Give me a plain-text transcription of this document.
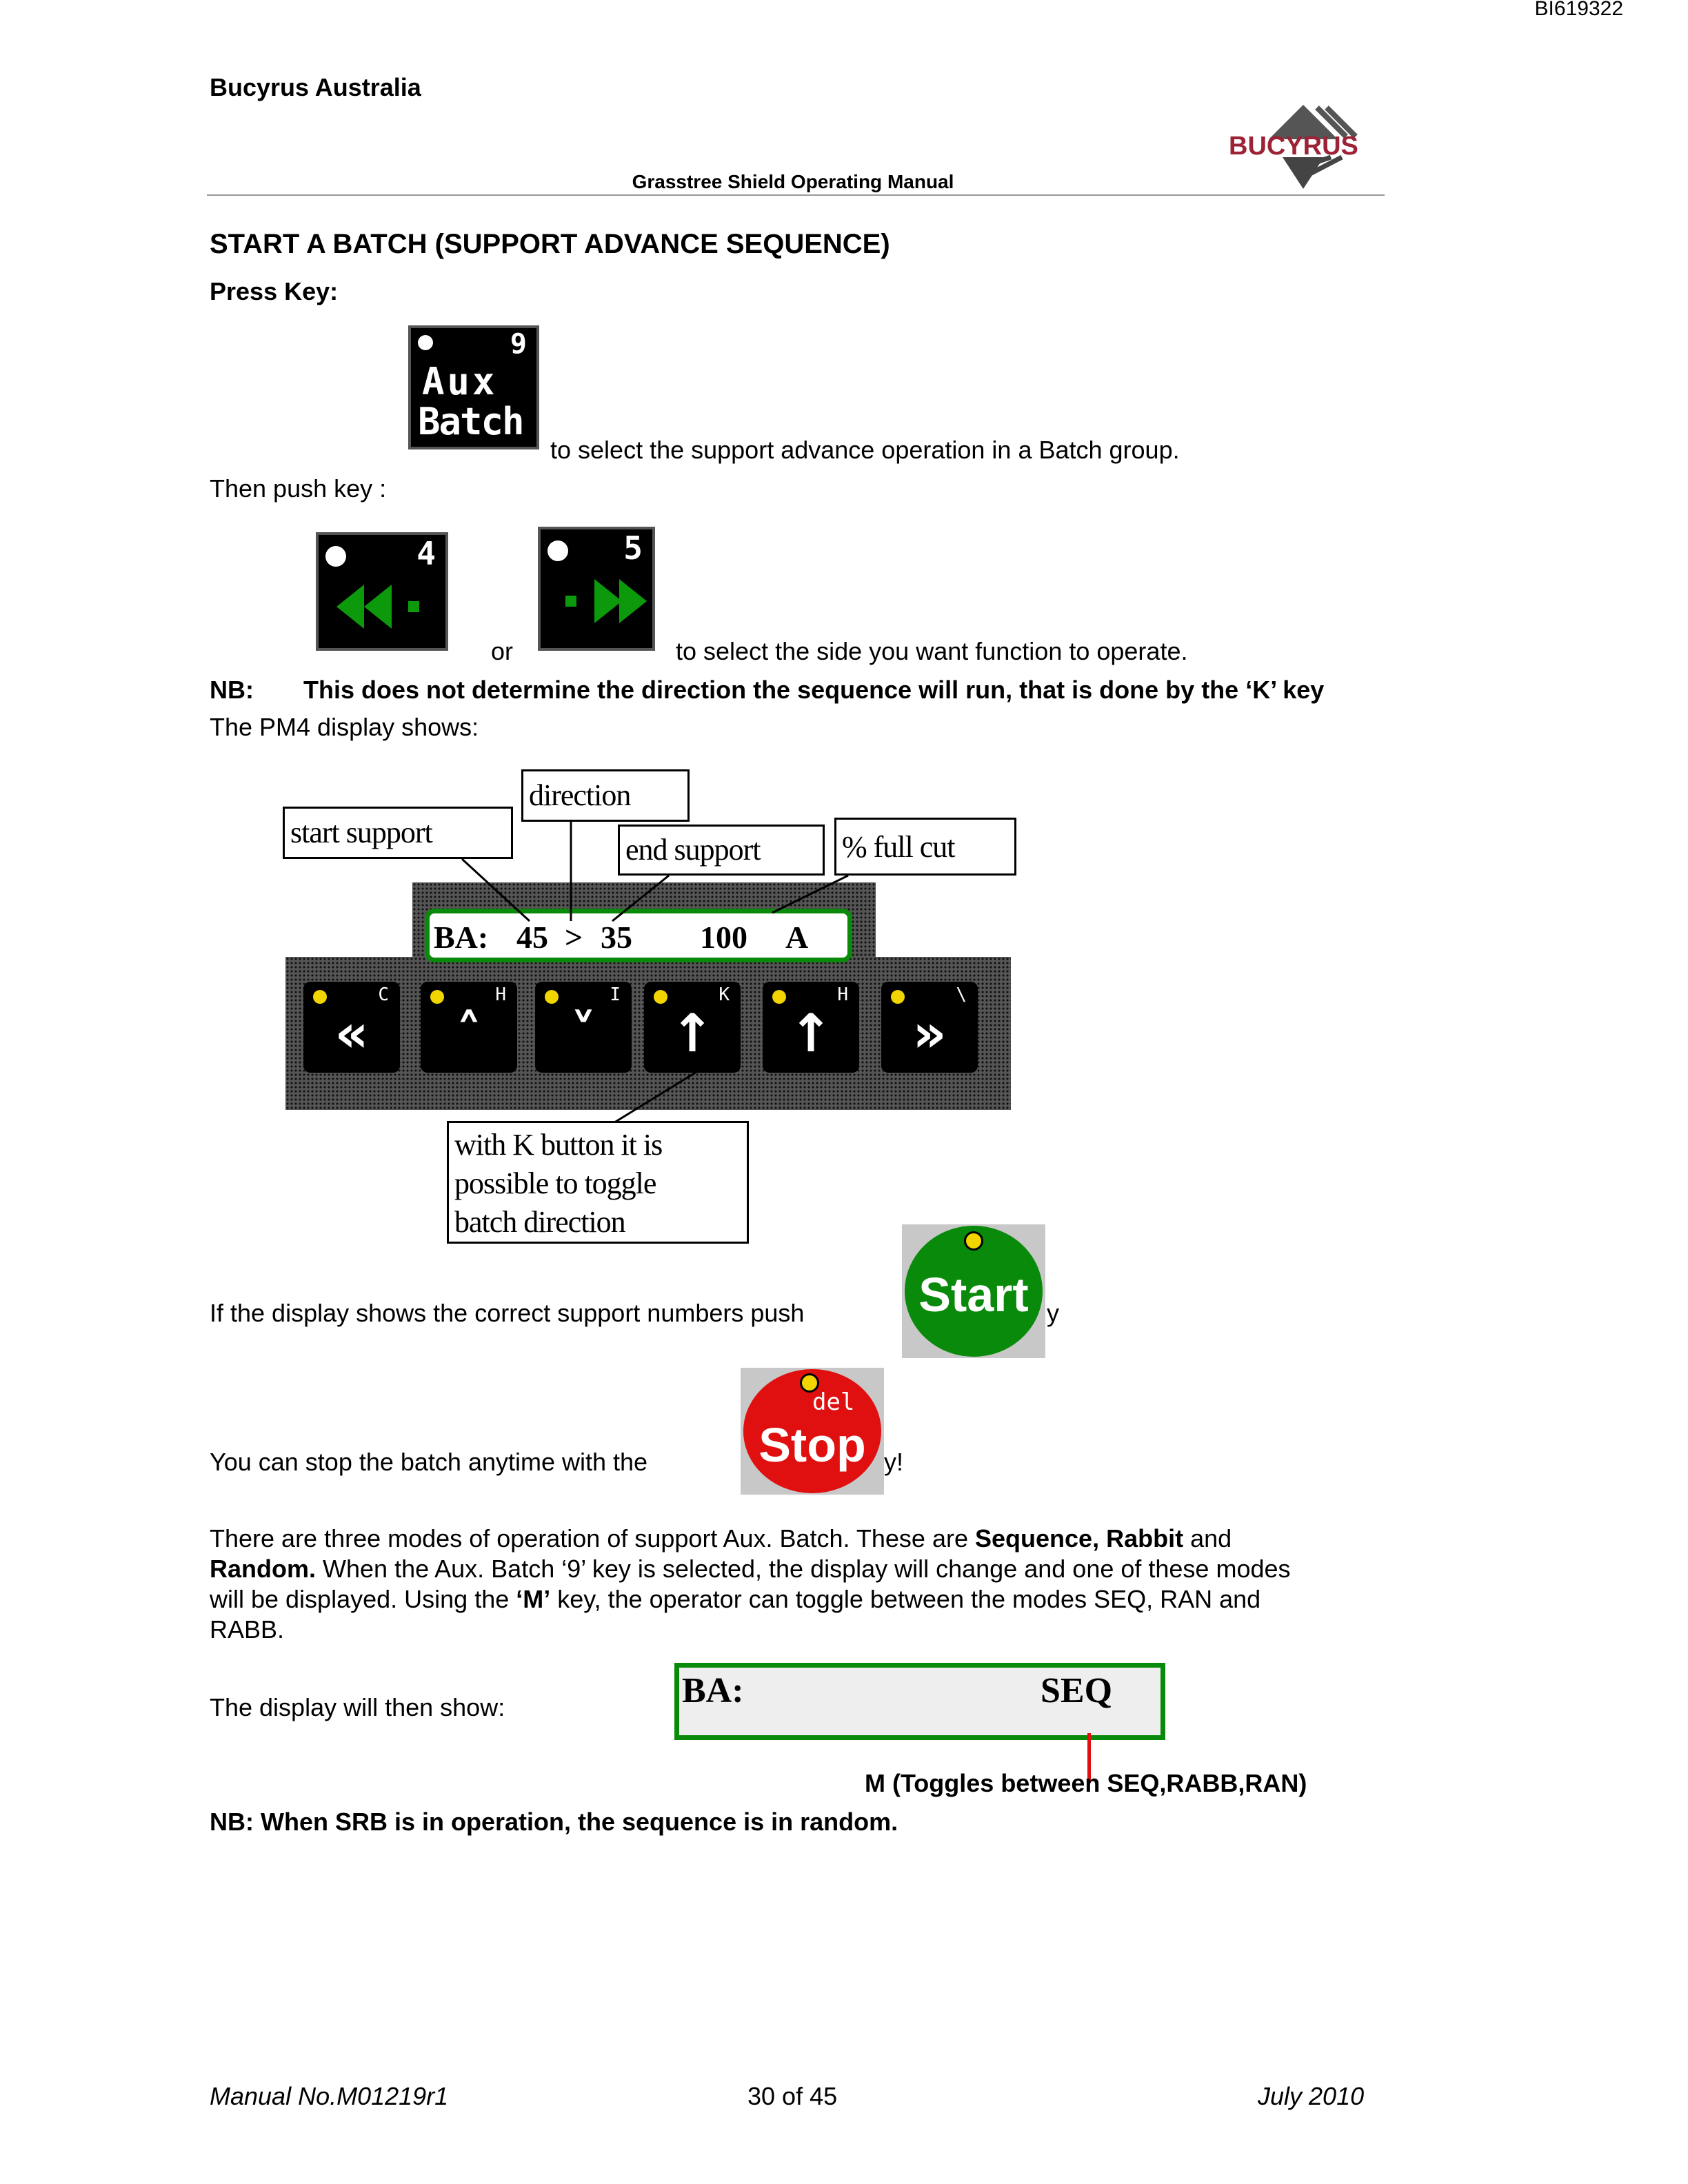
BI619322
Bucyrus Australia
Grasstree Shield Operating Manual
BUCYRUS
START A BATCH (SUPPORT ADVANCE SEQUENCE)
Press Key:
9
Aux
Batch
to select the support advance operation in a Batch group.
Then push key :
4
or
5
to select the side you want function to operate.
NB: This does not determine the direction the sequence will run, that is done by the ‘K’ key
The PM4 display shows:
BA: 45 > 35 100 A
start support
direction
end support	% full cut
C
«
H
˄
I
˅
K
↑
H
↑
\
»
with K button it is
possible to toggle
batch direction
If the display shows the correct support numbers push	Start y
You can stop the batch anytime with the
del
Stop y!
There are three modes of operation of support Aux. Batch. These are Sequence, Rabbit and
Random. When the Aux. Batch ‘9’ key is selected, the display will change and one of these modes
will be displayed. Using the ‘M’ key, the operator can toggle between the modes SEQ, RAN and
RABB.
The display will then show:	BA:	SEQ
M (Toggles between SEQ,RABB,RAN)
NB: When SRB is in operation, the sequence is in random.
Manual No.M01219r1	30 of 45	July 2010
